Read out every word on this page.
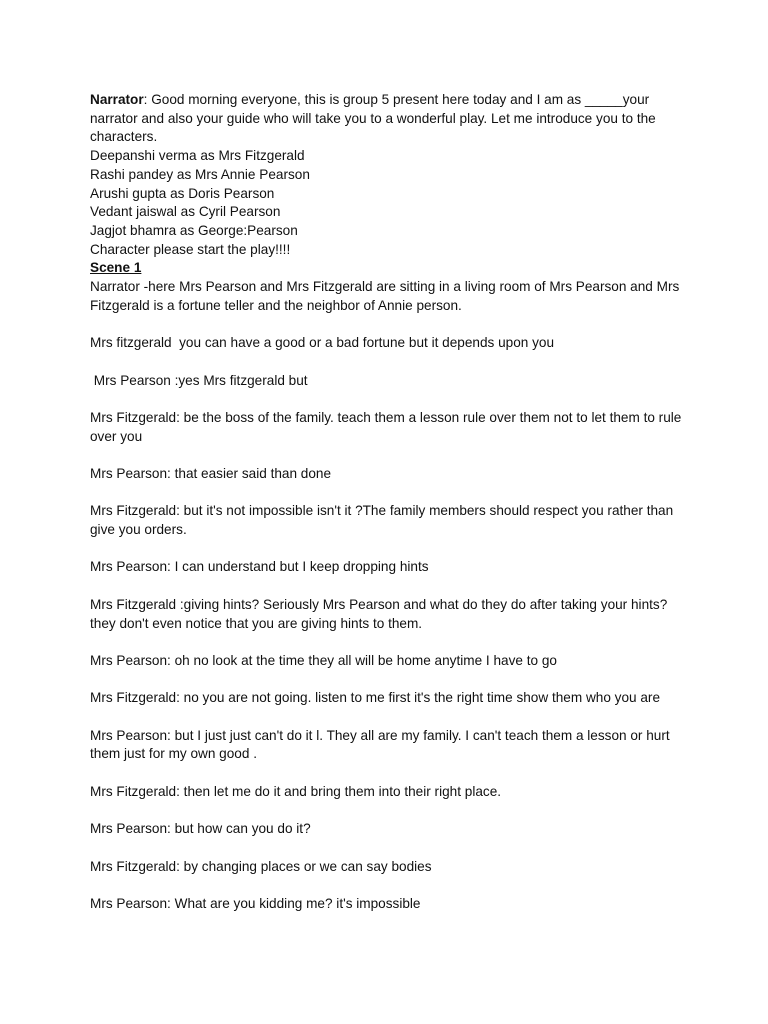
Narrator: Good morning everyone, this is group 5 present here today and I am as _____your narrator and also your guide who will take you to a wonderful play. Let me introduce you to the characters.

Deepanshi verma as Mrs Fitzgerald
Rashi pandey as Mrs Annie Pearson
Arushi gupta as Doris Pearson
Vedant jaiswal as Cyril Pearson
Jagjot bhamra as George:Pearson
Character please start the play!!!!
Scene 1
Narrator -here Mrs Pearson and Mrs Fitzgerald are sitting in a living room of Mrs Pearson and Mrs Fitzgerald is a fortune teller and the neighbor of Annie person.
Mrs fitzgerald  you can have a good or a bad fortune but it depends upon you
Mrs Pearson :yes Mrs fitzgerald but
Mrs Fitzgerald: be the boss of the family. teach them a lesson rule over them not to let them to rule over you
Mrs Pearson: that easier said than done
Mrs Fitzgerald: but it's not impossible isn't it ?The family members should respect you rather than give you orders.
Mrs Pearson: I can understand but I keep dropping hints
Mrs Fitzgerald :giving hints? Seriously Mrs Pearson and what do they do after taking your hints? they don't even notice that you are giving hints to them.
Mrs Pearson: oh no look at the time they all will be home anytime I have to go
Mrs Fitzgerald: no you are not going. listen to me first it's the right time show them who you are
Mrs Pearson: but I just just can't do it l. They all are my family. I can't teach them a lesson or hurt them just for my own good .
Mrs Fitzgerald: then let me do it and bring them into their right place.
Mrs Pearson: but how can you do it?
Mrs Fitzgerald: by changing places or we can say bodies
Mrs Pearson: What are you kidding me? it's impossible
